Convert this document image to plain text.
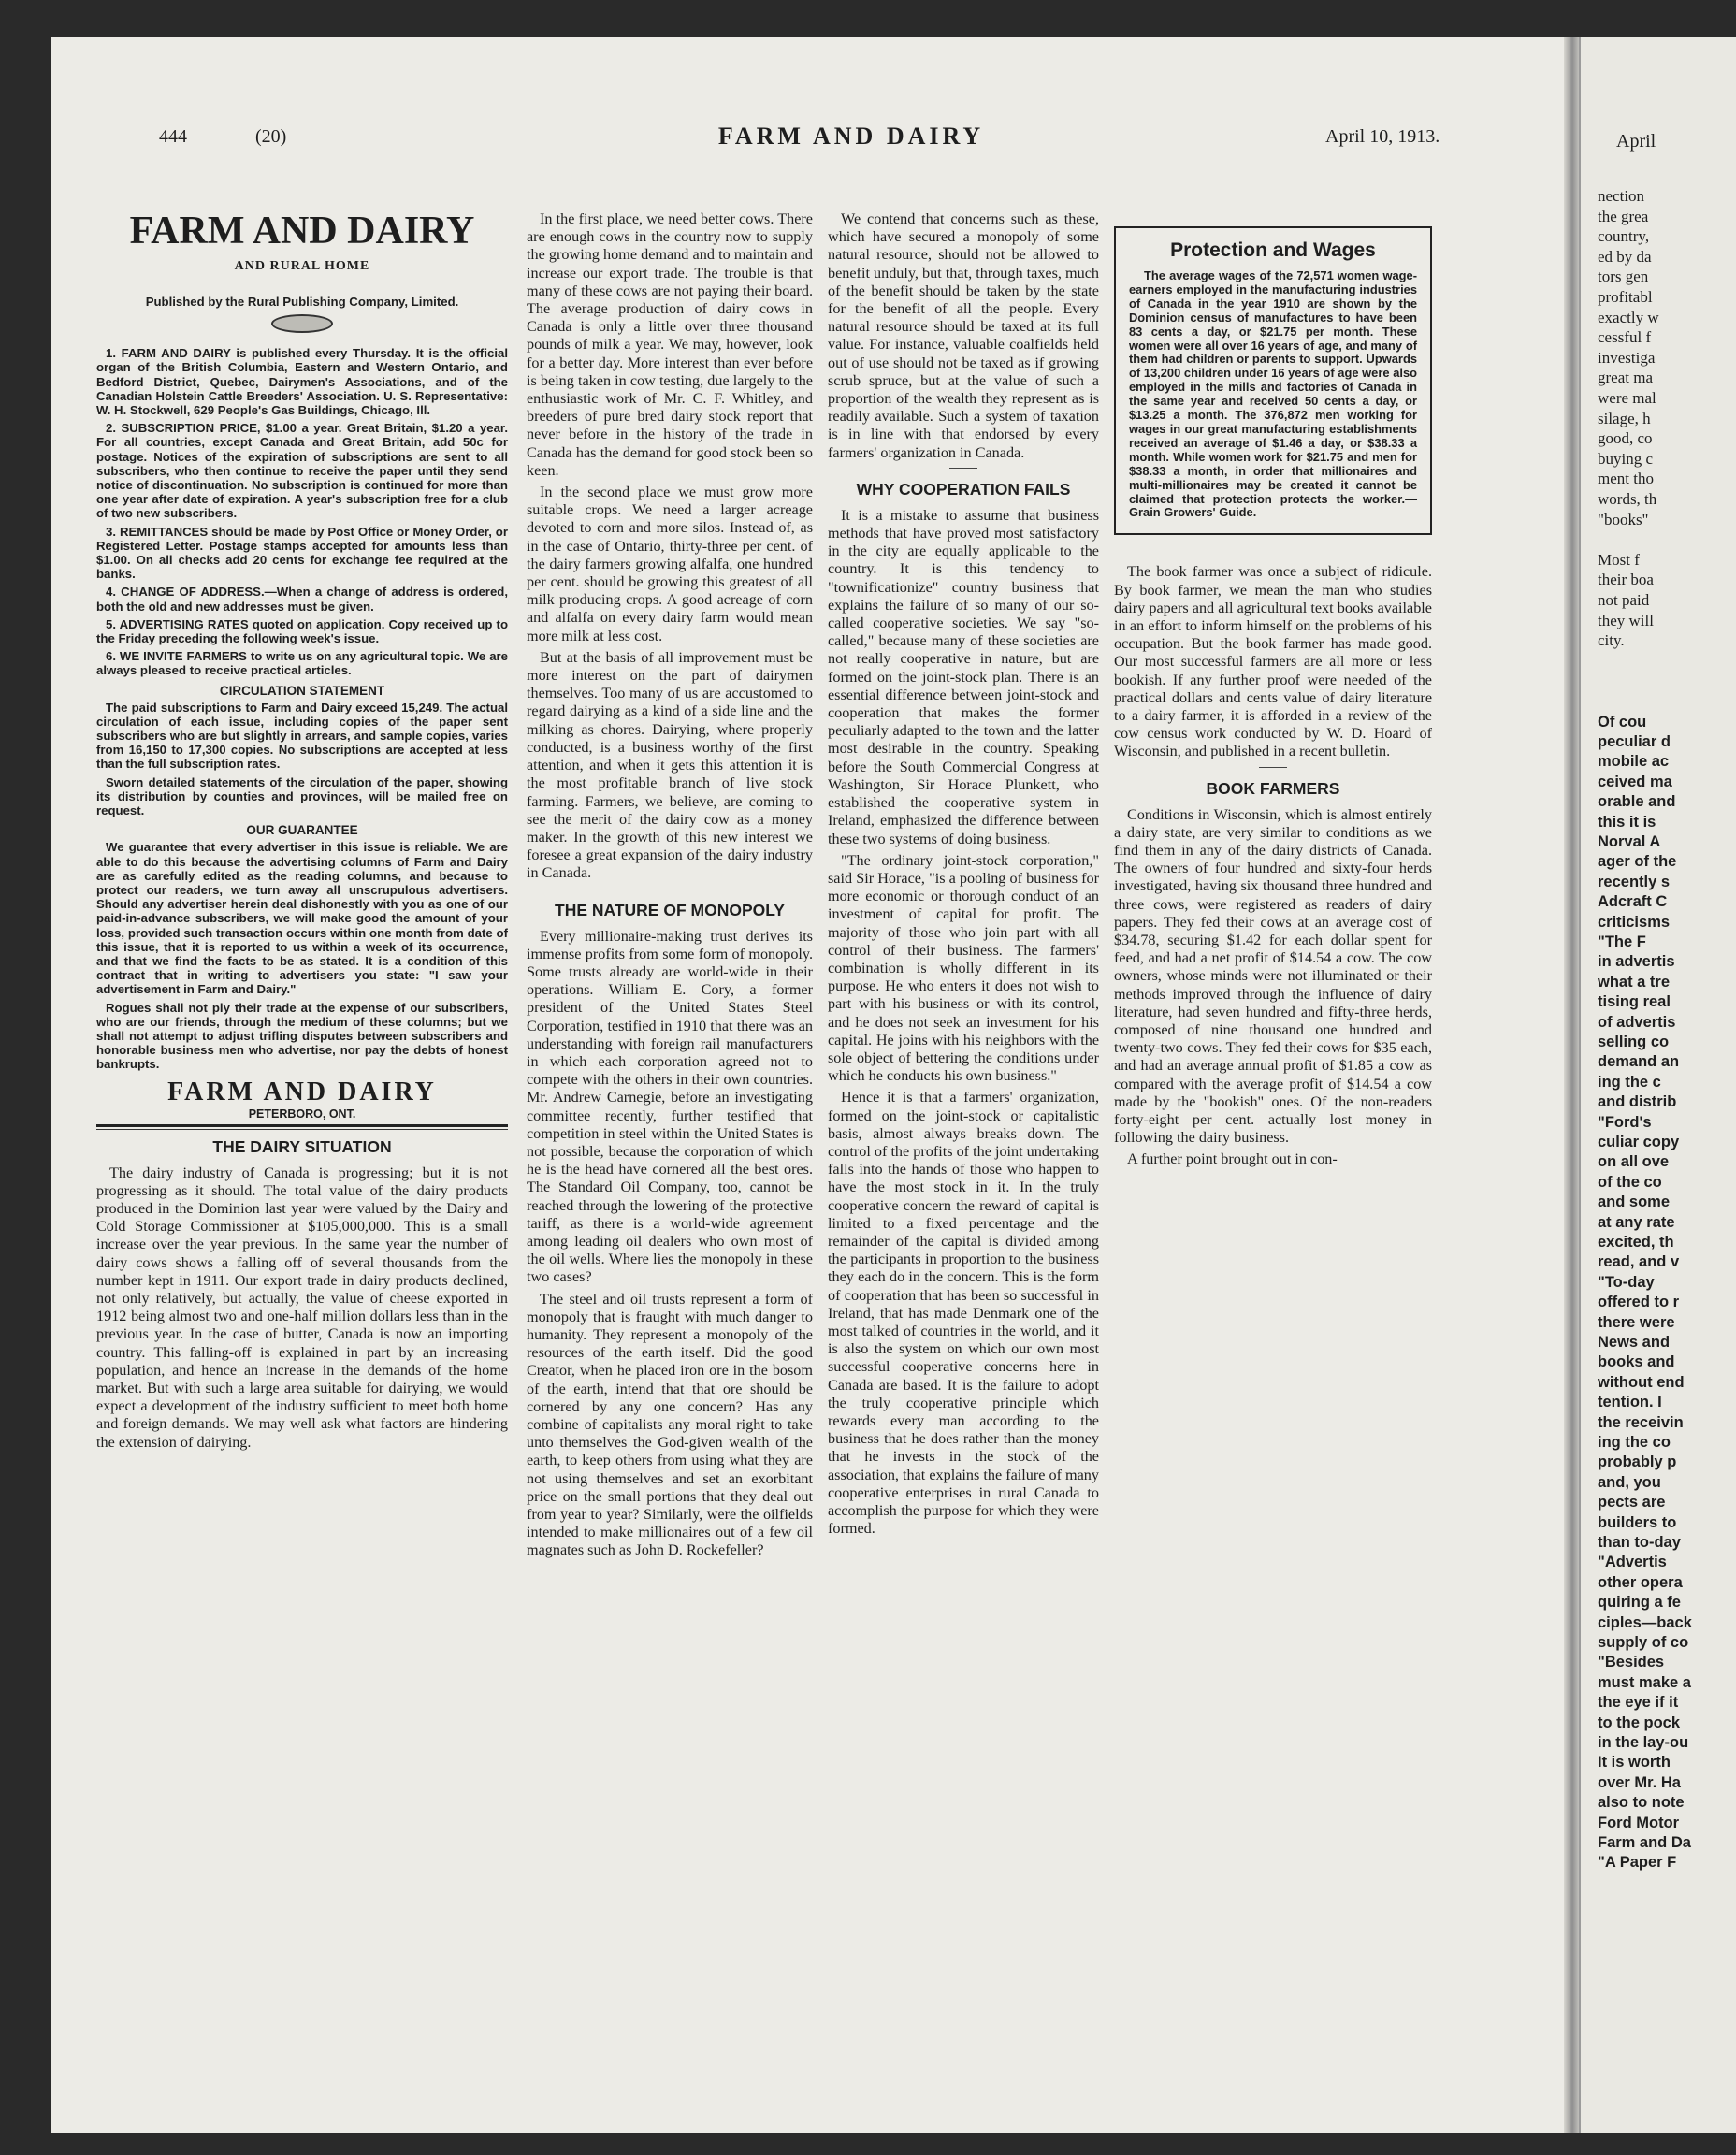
444	(20)	FARM AND DAIRY	April 10, 1913.
FARM AND DAIRY
AND RURAL HOME

Published by the Rural Publishing Company, Limited.

1. FARM AND DAIRY is published every Thursday. It is the official organ of the British Columbia, Eastern and Western Ontario, and Bedford District, Quebec, Dairymen's Associations, and of the Canadian Holstein Cattle Breeders' Association. U. S. Representative: W. H. Stockwell, 629 People's Gas Buildings, Chicago, Ill.

2. SUBSCRIPTION PRICE, $1.00 a year. Great Britain, $1.20 a year. For all countries, except Canada and Great Britain, add 50c for postage. Notices of the expiration of subscriptions are sent to all subscribers, who then continue to receive the paper until they send notice of discontinuation. No subscription is continued for more than one year after date of expiration. A year's subscription free for a club of two new subscribers.

3. REMITTANCES should be made by Post Office or Money Order, or Registered Letter. Postage stamps accepted for amounts less than $1.00. On all checks add 20 cents for exchange fee required at the banks.

4. CHANGE OF ADDRESS.—When a change of address is ordered, both the old and new addresses must be given.

5. ADVERTISING RATES quoted on application. Copy received up to the Friday preceding the following week's issue.

6. WE INVITE FARMERS to write us on any agricultural topic. We are always pleased to receive practical articles.

CIRCULATION STATEMENT

The paid subscriptions to Farm and Dairy exceed 15,249. The actual circulation of each issue, including copies of the paper sent subscribers who are but slightly in arrears, and sample copies, varies from 16,150 to 17,300 copies. No subscriptions are accepted at less than the full subscription rates.

Sworn detailed statements of the circulation of the paper, showing its distribution by counties and provinces, will be mailed free on request.

OUR GUARANTEE

We guarantee that every advertiser in this issue is reliable. We are able to do this because the advertising columns of Farm and Dairy are as carefully edited as the reading columns, and because to protect our readers, we turn away all unscrupulous advertisers. Should any advertiser herein deal dishonestly with you as one of our paid-in-advance subscribers, we will make good the amount of your loss, provided such transaction occurs within one month from date of this issue, that it is reported to us within a week of its occurrence, and that we find the facts to be as stated. It is a condition of this contract that in writing to advertisers you state: "I saw your advertisement in Farm and Dairy."

Rogues shall not ply their trade at the expense of our subscribers, who are our friends, through the medium of these columns; but we shall not attempt to adjust trifling disputes between subscribers and honorable business men who advertise, nor pay the debts of honest bankrupts.

FARM AND DAIRY
PETERBORO, ONT.
THE DAIRY SITUATION

The dairy industry of Canada is progressing; but it is not progressing as it should. The total value of the dairy products produced in the Dominion last year were valued by the Dairy and Cold Storage Commissioner at $105,000,000. This is a small increase over the year previous. In the same year the number of dairy cows shows a falling off of several thousands from the number kept in 1911. Our export trade in dairy products declined, not only relatively, but actually, the value of cheese exported in 1912 being almost two and one-half million dollars less than in the previous year. In the case of butter, Canada is now an importing country. This falling-off is explained in part by an increasing population, and hence an increase in the demands of the home market. But with such a large area suitable for dairying, we would expect a development of the industry sufficient to meet both home and foreign demands. We may well ask what factors are hindering the extension of dairying.

In the first place, we need better cows. There are enough cows in the country now to supply the growing home demand and to maintain and increase our export trade. The trouble is that many of these cows are not paying their board. The average production of dairy cows in Canada is only a little over three thousand pounds of milk a year. We may, however, look for a better day. More interest than ever before is being taken in cow testing, due largely to the enthusiastic work of Mr. C. F. Whitley, and breeders of pure bred dairy stock report that never before in the history of the trade in Canada has the demand for good stock been so keen.

In the second place we must grow more suitable crops. We need a larger acreage devoted to corn and more silos. Instead of, as in the case of Ontario, thirty-three per cent. of the dairy farmers growing alfalfa, one hundred per cent. should be growing this greatest of all milk producing crops. A good acreage of corn and alfalfa on every dairy farm would mean more milk at less cost.

But at the basis of all improvement must be more interest on the part of dairymen themselves. Too many of us are accustomed to regard dairying as a kind of a side line and the milking as chores. Dairying, where properly conducted, is a business worthy of the first attention, and when it gets this attention it is the most profitable branch of live stock farming. Farmers, we believe, are coming to see the merit of the dairy cow as a money maker. In the growth of this new interest we foresee a great expansion of the dairy industry in Canada.

THE NATURE OF MONOPOLY

Every millionaire-making trust derives its immense profits from some form of monopoly. Some trusts already are world-wide in their operations. William E. Cory, a former president of the United States Steel Corporation, testified in 1910 that there was an understanding with foreign rail manufacturers in which each corporation agreed not to compete with the others in their own countries. Mr. Andrew Carnegie, before an investigating committee recently, further testified that competition in steel within the United States is not possible, because the corporation of which he is the head have cornered all the best ores. The Standard Oil Company, too, cannot be reached through the lowering of the protective tariff, as there is a world-wide agreement among leading oil dealers who own most of the oil wells. Where lies the monopoly in these two cases?

The steel and oil trusts represent a form of monopoly that is fraught with much danger to humanity. They represent a monopoly of the resources of the earth itself. Did the good Creator, when he placed iron ore in the bosom of the earth, intend that that ore should be cornered by any one concern? Has any combine of capitalists any moral right to take unto themselves the God-given wealth of the earth, to keep others from using what they are not using themselves and set an exorbitant price on the small portions that they deal out from year to year? Similarly, were the oilfields intended to make millionaires out of a few oil magnates such as John D. Rockefeller?

We contend that concerns such as these, which have secured a monopoly of some natural resource, should not be allowed to benefit unduly, but that, through taxes, much of the benefit should be taken by the state for the benefit of all the people. Every natural resource should be taxed at its full value. For instance, valuable coalfields held out of use should not be taxed as if growing scrub spruce, but at the value of such a proportion of the wealth they represent as is readily available. Such a system of taxation is in line with that endorsed by every farmers' organization in Canada.

WHY COOPERATION FAILS

It is a mistake to assume that business methods that have proved most satisfactory in the city are equally applicable to the country. It is this tendency to "townificationize" country business that explains the failure of so many of our so-called cooperative societies. We say "so-called," because many of these societies are not really cooperative in nature, but are formed on the joint-stock plan. There is an essential difference between joint-stock and cooperation that makes the former peculiarly adapted to the town and the latter most desirable in the country. Speaking before the South Commercial Congress at Washington, Sir Horace Plunkett, who established the cooperative system in Ireland, emphasized the difference between these two systems of doing business.

"The ordinary joint-stock corporation," said Sir Horace, "is a pooling of business for more economic or thorough conduct of an investment of capital for profit. The majority of those who join part with all control of their business. The farmers' combination is wholly different in its purpose. He who enters it does not wish to part with his business or with its control, and he does not seek an investment for his capital. He joins with his neighbors with the sole object of bettering the conditions under which he conducts his own business."

Hence it is that a farmers' organization, formed on the joint-stock or capitalistic basis, almost always breaks down. The control of the profits of the joint undertaking falls into the hands of those who happen to have the most stock in it. In the truly cooperative concern the reward of capital is limited to a fixed percentage and the remainder of the capital is divided among the participants in proportion to the business they each do in the concern. This is the form of cooperation that has been so successful in Ireland, that has made Denmark one of the most talked of countries in the world, and it is also the system on which our own most successful cooperative concerns here in Canada are based. It is the failure to adopt the truly cooperative principle which rewards every man according to the business that he does rather than the money that he invests in the stock of the association, that explains the failure of many cooperative enterprises in rural Canada to accomplish the purpose for which they were formed.

Protection and Wages

The average wages of the 72,571 women wage-earners employed in the manufacturing industries of Canada in the year 1910 are shown by the Dominion census of manufactures to have been 83 cents a day, or $21.75 per month. These women were all over 16 years of age, and many of them had children or parents to support. Upwards of 13,200 children under 16 years of age were also employed in the mills and factories of Canada in the same year and received 50 cents a day, or $13.25 a month. The 376,872 men working for wages in our great manufacturing establishments received an average of $1.46 a day, or $38.33 a month. While women work for $21.75 and men for $38.33 a month, in order that millionaires and multi-millionaires may be created it cannot be claimed that protection protects the worker.—Grain Growers' Guide.

The book farmer was once a subject of ridicule. By book farmer, we mean the man who studies dairy papers and all agricultural text books available in an effort to inform himself on the problems of his occupation. But the book farmer has made good. Our most successful farmers are all more or less bookish. If any further proof were needed of the practical dollars and cents value of dairy literature to a dairy farmer, it is afforded in a review of the cow census work conducted by W. D. Hoard of Wisconsin, and published in a recent bulletin.

BOOK FARMERS

Conditions in Wisconsin, which is almost entirely a dairy state, are very similar to conditions as we find them in any of the dairy districts of Canada. The owners of four hundred and sixty-four herds investigated, having six thousand three hundred and three cows, were registered as readers of dairy papers. They fed their cows at an average cost of $34.78, securing $1.42 for each dollar spent for feed, and had a net profit of $14.54 a cow. The cow owners, whose minds were not illuminated or their methods improved through the influence of dairy literature, had seven hundred and fifty-three herds, composed of nine thousand one hundred and twenty-two cows. They fed their cows for $35 each, and had an average annual profit of $1.85 a cow as compared with the average profit of $14.54 a cow made by the "bookish" ones. Of the non-readers forty-eight per cent. actually lost money in following the dairy business.

A further point brought out in con-

April
nection
the grea
country,
ed by da
tors gen
profitabl
exactly w
cessful f
investiga
great ma
were mal
silage, h
good, co
buying c
ment tho
words, th
"books"
Most f
their boa
not paid
they will
city.
Of cou
peculiar d
mobile ac
ceived ma
orable and
this it is
Norval A
ager of the
recently s
Adcraft C
criticisms
"The F
in advertis
what a tre
tising real
of advertis
selling co
demand an
ing the c
and distrib
"Ford's
culiar copy
on all ove
of the co
and some
at any rate
excited, th
read, and v
"To-day
offered to r
there were
News and
books and
without end
tention. I
the receivin
ing the co
probably p
and, you
pects are
builders to
than to-day
"Advertis
other opera
quiring a fe
ciples—back
supply of co
"Besides
must make a
the eye if it
to the pock
in the lay-ou
It is worth
over Mr. Ha
also to note
Ford Motor
Farm and Da
"A Paper F
